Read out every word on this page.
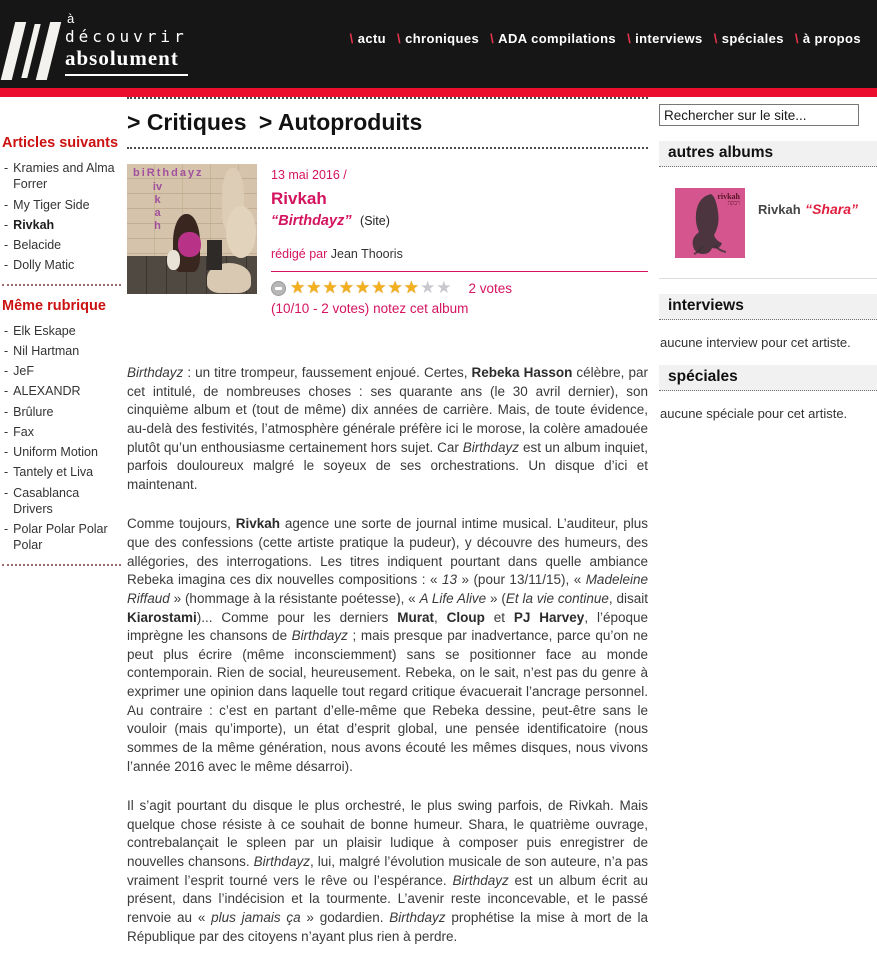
à
découvrir
absolument
\ actu \ chroniques \ ADA compilations \ interviews \ spéciales \ à propos
Articles suivants
- Kramies and Alma Forrer
- My Tiger Side
- Rivkah
- Belacide
- Dolly Matic
Même rubrique
- Elk Eskape
- Nil Hartman
- JeF
- ALEXANDR
- Brûlure
- Fax
- Uniform Motion
- Tantely et Liva
- Casablanca Drivers
- Polar Polar Polar Polar
> Critiques > Autoproduits
biRthdayz
ivkah
13 mai 2016 /
Rivkah
“Birthdayz” (Site)
rédigé par Jean Thooris
★★★★★★★★★★ 2 votes
(10/10 - 2 votes) notez cet album

Birthdayz : un titre trompeur, faussement enjoué. Certes, Rebeka Hasson célèbre, par cet intitulé, de nombreuses choses : ses quarante ans (le 30 avril dernier), son cinquième album et (tout de même) dix années de carrière. Mais, de toute évidence, au-delà des festivités, l’atmosphère générale préfère ici le morose, la colère amadouée plutôt qu’un enthousiasme certainement hors sujet. Car Birthdayz est un album inquiet, parfois douloureux malgré le soyeux de ses orchestrations. Un disque d’ici et maintenant.

Comme toujours, Rivkah agence une sorte de journal intime musical. L’auditeur, plus que des confessions (cette artiste pratique la pudeur), y découvre des humeurs, des allégories, des interrogations. Les titres indiquent pourtant dans quelle ambiance Rebeka imagina ces dix nouvelles compositions : « 13 » (pour 13/11/15), « Madeleine Riffaud » (hommage à la résistante poétesse), « A Life Alive » (Et la vie continue, disait Kiarostami)... Comme pour les derniers Murat, Cloup et PJ Harvey, l’époque imprègne les chansons de Birthdayz ; mais presque par inadvertance, parce qu’on ne peut plus écrire (même inconsciemment) sans se positionner face au monde contemporain. Rien de social, heureusement. Rebeka, on le sait, n’est pas du genre à exprimer une opinion dans laquelle tout regard critique évacuerait l’ancrage personnel. Au contraire : c’est en partant d’elle-même que Rebeka dessine, peut-être sans le vouloir (mais qu’importe), un état d’esprit global, une pensée identificatoire (nous sommes de la même génération, nous avons écouté les mêmes disques, nous vivons l’année 2016 avec le même désarroi).

Il s’agit pourtant du disque le plus orchestré, le plus swing parfois, de Rivkah. Mais quelque chose résiste à ce souhait de bonne humeur. Shara, le quatrième ouvrage, contrebalançait le spleen par un plaisir ludique à composer puis enregistrer de nouvelles chansons. Birthdayz, lui, malgré l’évolution musicale de son auteure, n’a pas vraiment l’esprit tourné vers le rêve ou l’espérance. Birthdayz est un album écrit au présent, dans l’indécision et la tourmente. L’avenir reste inconcevable, et le passé renvoie au « plus jamais ça » godardien. Birthdayz prophétise la mise à mort de la République par des citoyens n’ayant plus rien à perdre.

Rechercher sur le site...
autres albums
rivkah
רבקה Rivkah “Shara”
interviews

aucune interview pour cet artiste.

spéciales

aucune spéciale pour cet artiste.
